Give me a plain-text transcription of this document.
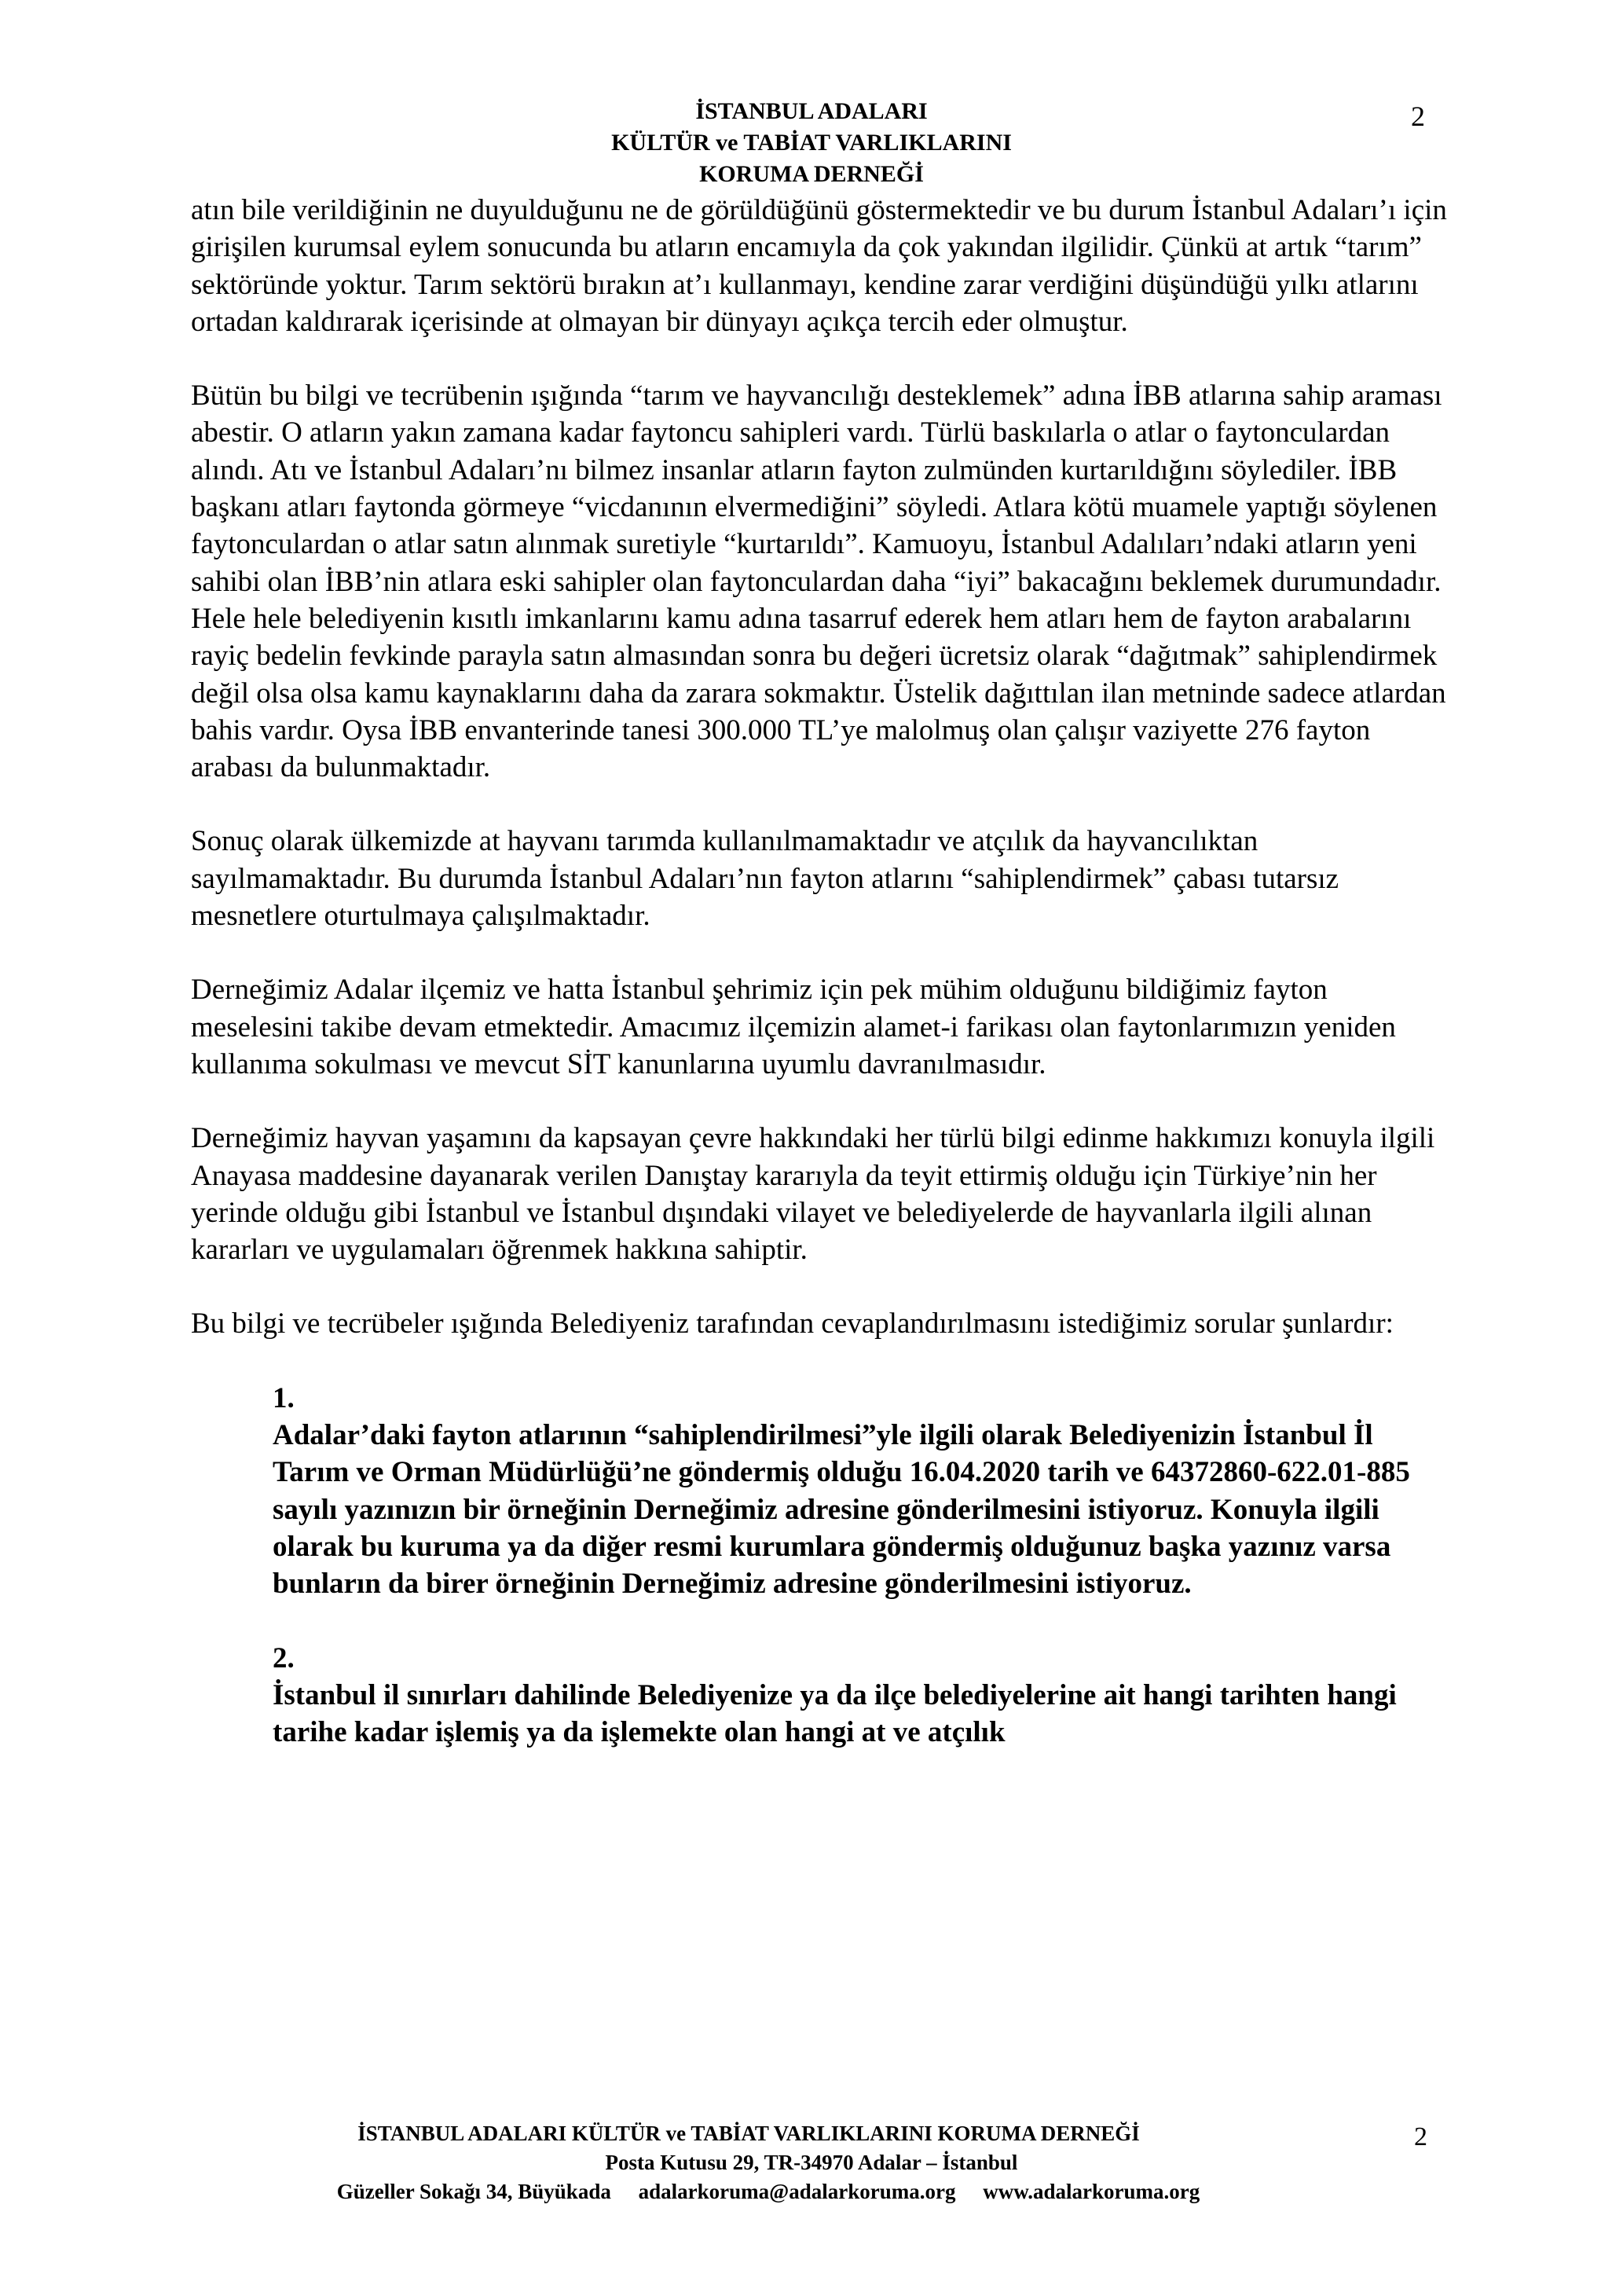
İSTANBUL ADALARI
KÜLTÜR ve TABİAT VARLIKLARINI
KORUMA DERNEĞİ
2

atın bile verildiğinin ne duyulduğunu ne de görüldüğünü göstermektedir ve bu durum İstanbul Adaları’ı için girişilen kurumsal eylem sonucunda bu atların encamıyla da çok yakından ilgilidir. Çünkü at artık “tarım” sektöründe yoktur. Tarım sektörü bırakın at’ı kullanmayı, kendine zarar verdiğini düşündüğü yılkı atlarını ortadan kaldırarak içerisinde at olmayan bir dünyayı açıkça tercih eder olmuştur.

Bütün bu bilgi ve tecrübenin ışığında “tarım ve hayvancılığı desteklemek” adına İBB atlarına sahip araması abestir. O atların yakın zamana kadar faytoncu sahipleri vardı. Türlü baskılarla o atlar o faytonculardan alındı. Atı ve İstanbul Adaları’nı bilmez insanlar atların fayton zulmünden kurtarıldığını söylediler. İBB başkanı atları faytonda görmeye “vicdanının elvermediğini” söyledi. Atlara kötü muamele yaptığı söylenen faytonculardan o atlar satın alınmak suretiyle “kurtarıldı”. Kamuoyu, İstanbul Adalıları’ndaki atların yeni sahibi olan İBB’nin atlara eski sahipler olan faytonculardan daha “iyi” bakacağını beklemek durumundadır. Hele hele belediyenin kısıtlı imkanlarını kamu adına tasarruf ederek hem atları hem de fayton arabalarını rayiç bedelin fevkinde parayla satın almasından sonra bu değeri ücretsiz olarak “dağıtmak” sahiplendirmek değil olsa olsa kamu kaynaklarını daha da zarara sokmaktır. Üstelik dağıttılan ilan metninde sadece atlardan bahis vardır. Oysa İBB envanterinde tanesi 300.000 TL’ye malolmuş olan çalışır vaziyette 276 fayton arabası da bulunmaktadır.

Sonuç olarak ülkemizde at hayvanı tarımda kullanılmamaktadır ve atçılık da hayvancılıktan sayılmamaktadır. Bu durumda İstanbul Adaları’nın fayton atlarını “sahiplendirmek” çabası tutarsız mesnetlere oturtulmaya çalışılmaktadır.

Derneğimiz Adalar ilçemiz ve hatta İstanbul şehrimiz için pek mühim olduğunu bildiğimiz fayton meselesini takibe devam etmektedir. Amacımız ilçemizin alamet-i farikası olan faytonlarımızın yeniden kullanıma sokulması ve mevcut SİT kanunlarına uyumlu davranılmasıdır.

Derneğimiz hayvan yaşamını da kapsayan çevre hakkındaki her türlü bilgi edinme hakkımızı konuyla ilgili Anayasa maddesine dayanarak verilen Danıştay kararıyla da teyit ettirmiş olduğu için Türkiye’nin her yerinde olduğu gibi İstanbul ve İstanbul dışındaki vilayet ve belediyelerde de hayvanlarla ilgili alınan kararları ve uygulamaları öğrenmek hakkına sahiptir.

Bu bilgi ve tecrübeler ışığında Belediyeniz tarafından cevaplandırılmasını istediğimiz sorular şunlardır:

1.
Adalar’daki fayton atlarının “sahiplendirilmesi”yle ilgili olarak Belediyenizin İstanbul İl Tarım ve Orman Müdürlüğü’ne göndermiş olduğu 16.04.2020 tarih ve 64372860-622.01-885 sayılı yazınızın bir örneğinin Derneğimiz adresine gönderilmesini istiyoruz. Konuyla ilgili olarak bu kuruma ya da diğer resmi kurumlara göndermiş olduğunuz başka yazınız varsa bunların da birer örneğinin Derneğimiz adresine gönderilmesini istiyoruz.
2.
İstanbul il sınırları dahilinde Belediyenize ya da ilçe belediyelerine ait hangi tarihten hangi tarihe kadar işlemiş ya da işlemekte olan hangi at ve atçılık
İSTANBUL ADALARI KÜLTÜR ve TABİAT VARLIKLARINI KORUMA DERNEĞİ
Posta Kutusu 29, TR-34970 Adalar – İstanbul
Güzeller Sokağı 34, Büyükada adalarkoruma@adalarkoruma.org www.adalarkoruma.org
2
